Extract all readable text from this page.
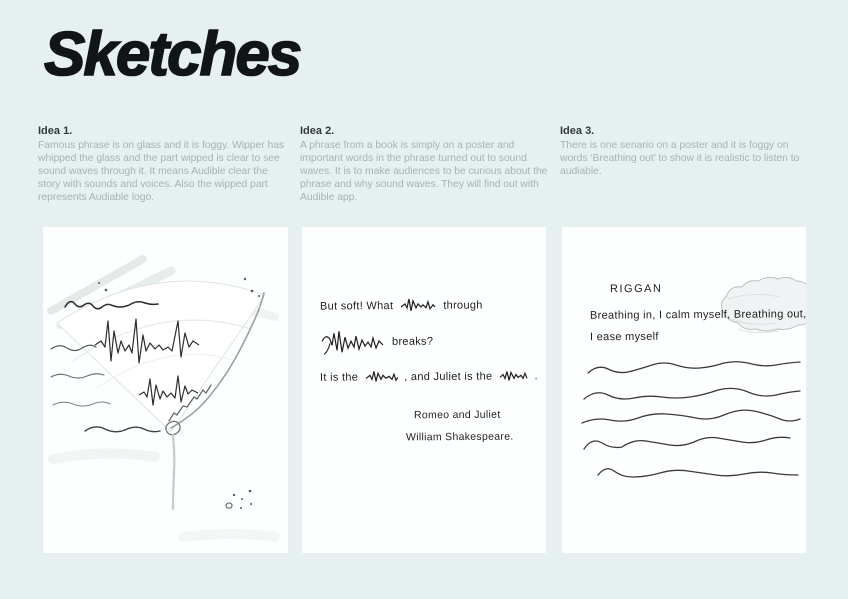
Sketches
Idea 1.

Famous phrase is on glass and it is foggy. Wipper has whipped the glass and the part wipped is clear to see sound waves through it. It means Audible clear the story with sounds and voices. Also the wipped part represents Audiable logo.

Idea 2.

A phrase from a book is simply on a poster and important words in the phrase turned out to sound waves. It is to make audiences to be curious about the phrase and why sound waves. They will find out with Audible app.

Idea 3.

There is one senario on a poster and it is foggy on words ‘Breathing out’ to show it is realistic to listen to audiable.

But soft! What	through
breaks?
It is the	, and Juliet is the	.
Romeo and Juliet
William Shakespeare.
RIGGAN
Breathing in, I calm myself, Breathing out,
I ease myself
